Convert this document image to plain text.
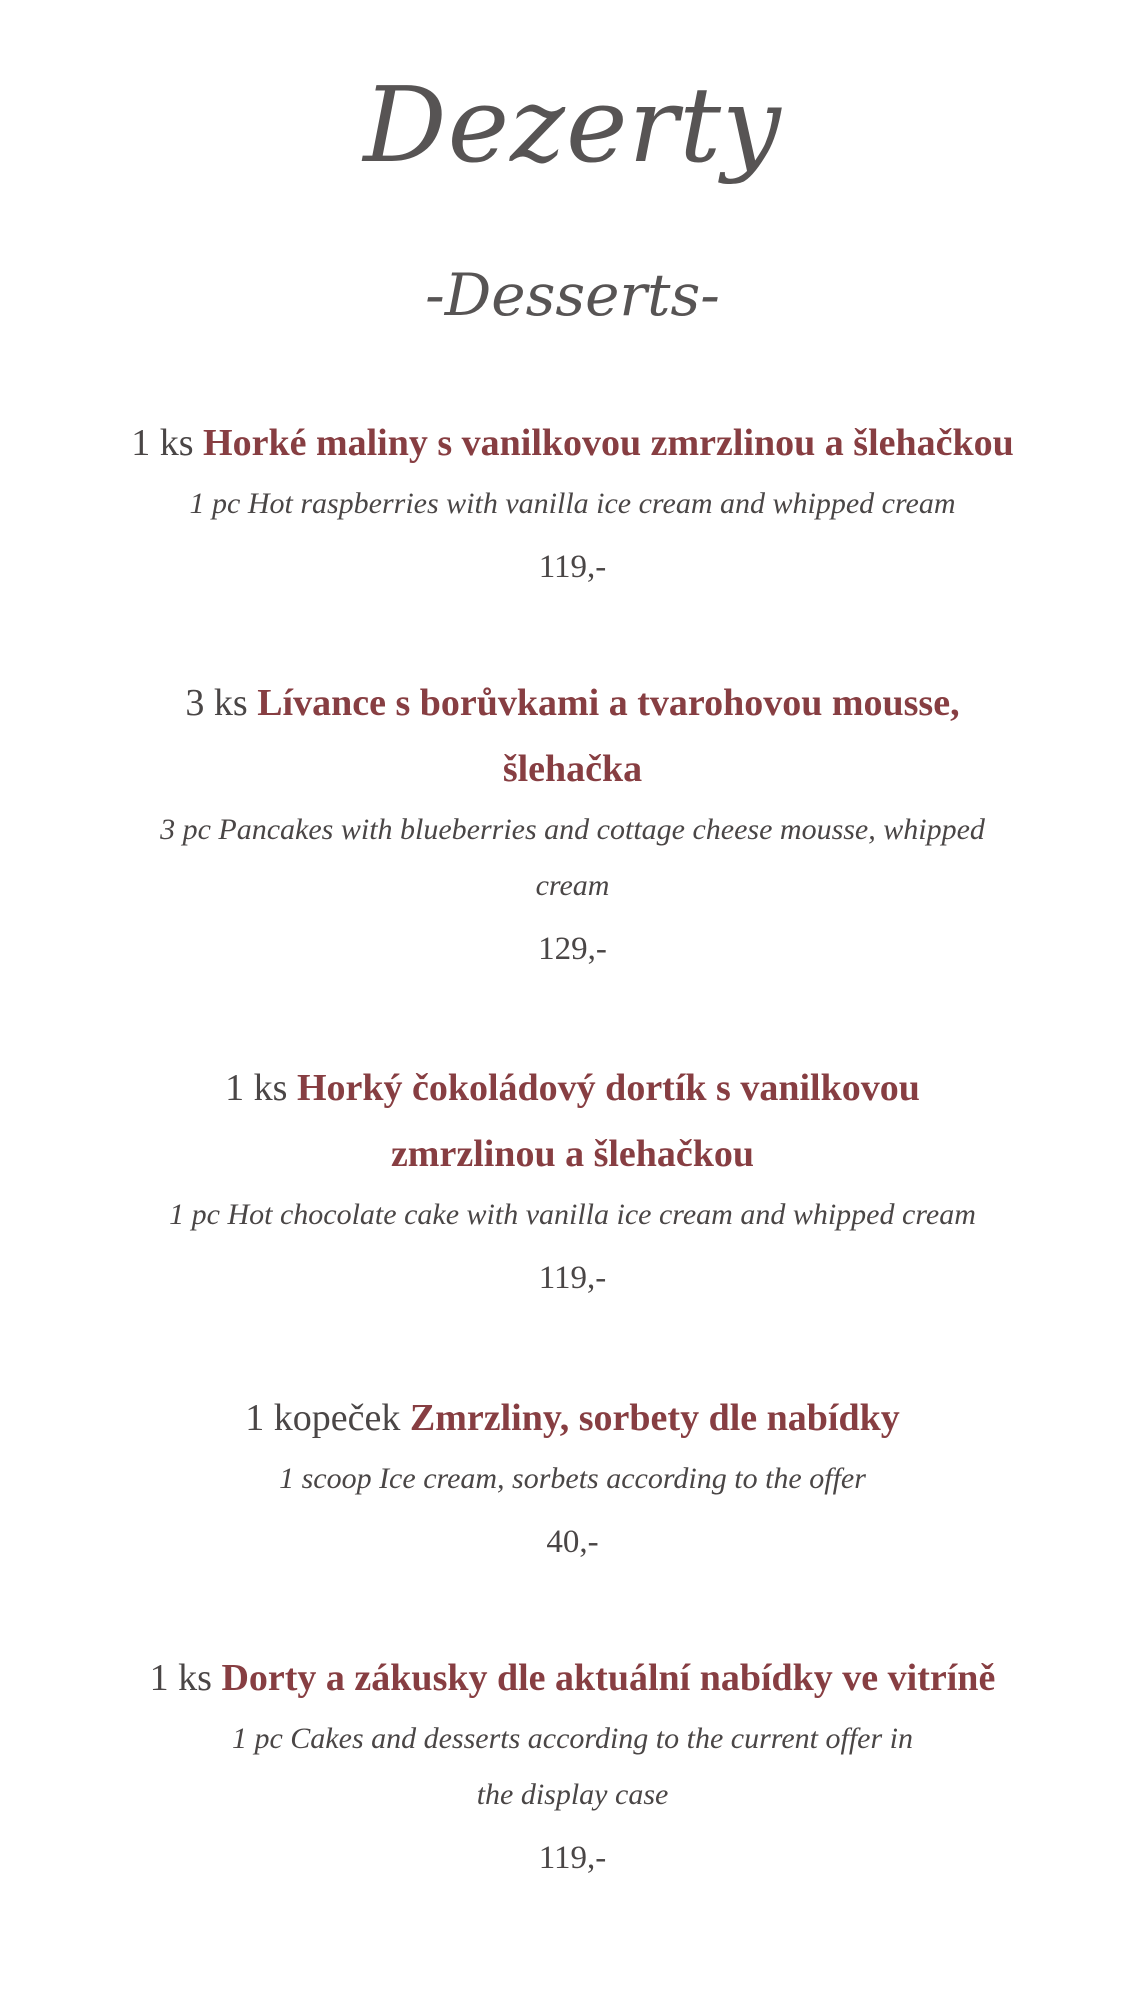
Dezerty
-Desserts-
1 ks Horké maliny s vanilkovou zmrzlinou a šlehačkou
1 pc Hot raspberries with vanilla ice cream and whipped cream
119,-
3 ks Lívance s borůvkami a tvarohovou mousse, šlehačka
3 pc Pancakes with blueberries and cottage cheese mousse, whipped cream
129,-
1 ks Horký čokoládový dortík s vanilkovou zmrzlinou a šlehačkou
1 pc Hot chocolate cake with vanilla ice cream and whipped cream
119,-
1 kopeček Zmrzliny, sorbety dle nabídky
1 scoop Ice cream, sorbets according to the offer
40,-
1 ks Dorty a zákusky dle aktuální nabídky ve vitríně
1 pc Cakes and desserts according to the current offer in the display case
119,-
